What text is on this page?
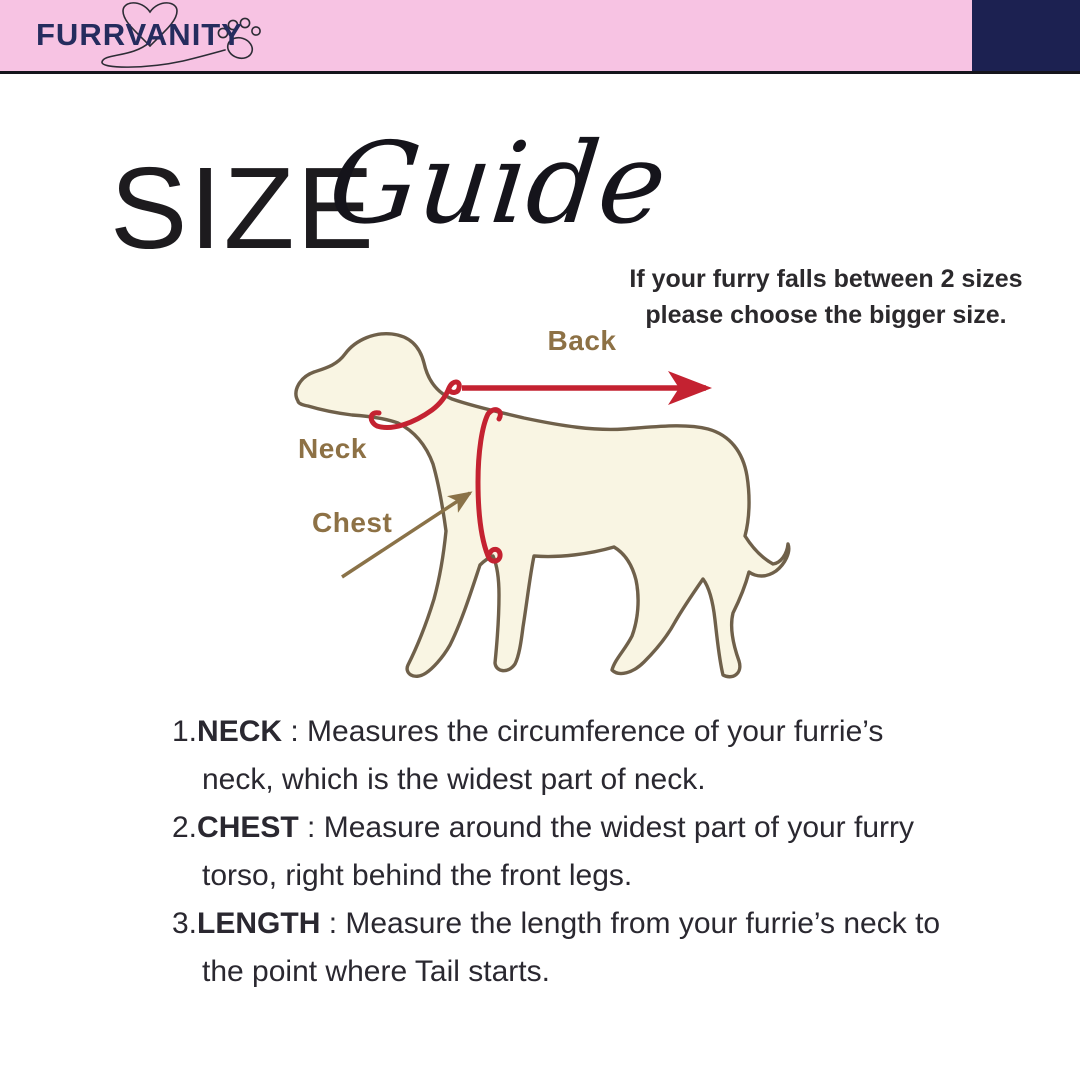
FURRVANITY
SIZE
Guide
If your furry falls between 2 sizes
please choose the bigger size.
Back
Neck
Chest
1.NECK : Measures the circumference of your furrie’s neck, which is the widest part of neck.
2.CHEST : Measure around the widest part of your furry torso, right behind the front legs.
3.LENGTH : Measure the length from your furrie’s neck to the point where Tail starts.
